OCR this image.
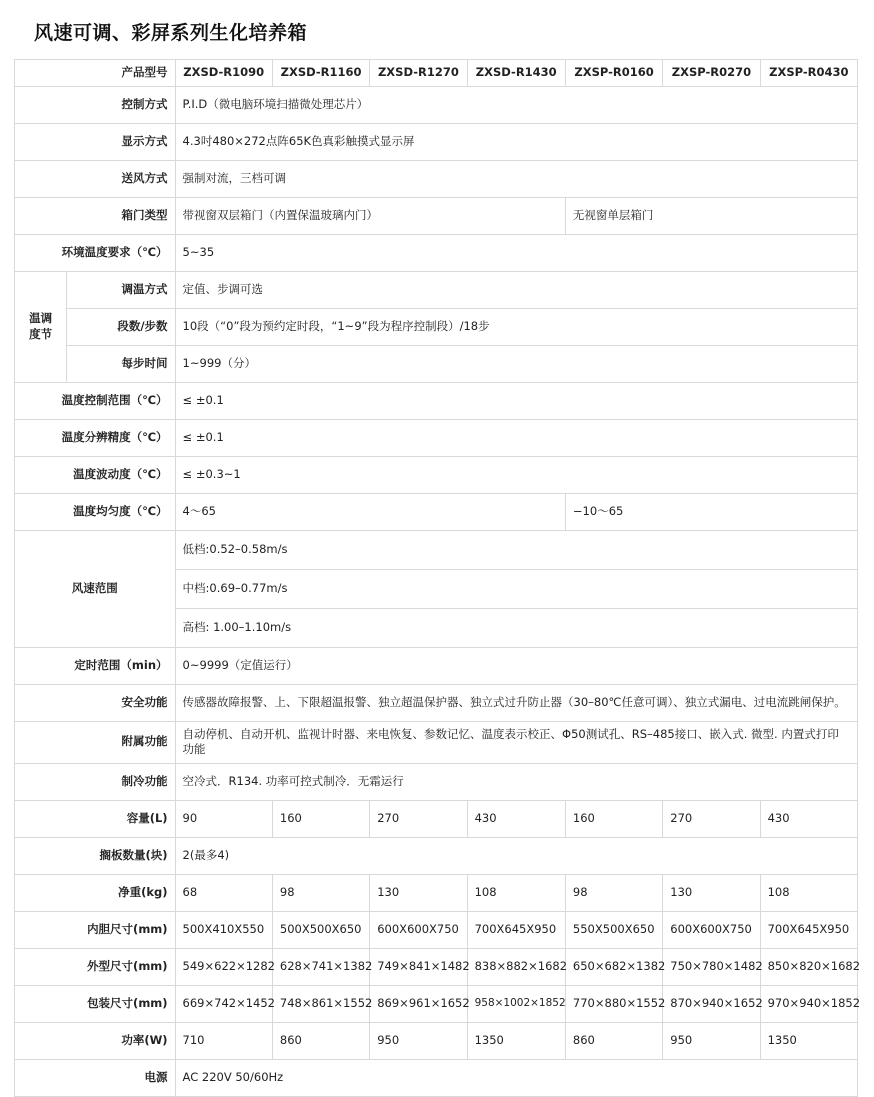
风速可调、彩屏系列生化培养箱
产品型号		ZXSD-R1090	ZXSD-R1160	ZXSD-R1270	ZXSD-R1430	ZXSP-R0160	ZXSP-R0270	ZXSP-R0430
控制方式		P.I.D（微电脑环境扫描微处理芯片）						
显示方式		4.3吋480×272点阵65K色真彩触摸式显示屏						
送风方式		强制对流，三档可调						
箱门类型		带视窗双层箱门（内置保温玻璃内门）				无视窗单层箱门		
环境温度要求（℃）		5~35						
温调
度节	调温方式	定值、步调可选						
	段数/步数	10段（“0”段为预约定时段，“1~9”段为程序控制段）/18步						
	每步时间	1~999（分）						
温度控制范围（℃）		≤ ±0.1						
温度分辨精度（℃）		≤ ±0.1						
温度波动度（℃）		≤ ±0.3~1						
温度均匀度（℃）		4～65				−10～65		
风速范围		低档:0.52–0.58m/s						
		中档:0.69–0.77m/s						
		高档: 1.00–1.10m/s						
定时范围（min）		0~9999（定值运行）						
安全功能		传感器故障报警、上、下限超温报警、独立超温保护器、独立式过升防止器（30–80℃任意可调）、独立式漏电、过电流跳闸保护。						
附属功能		自动停机、自动开机、监视计时器、来电恢复、参数记忆、温度表示校正、Φ50测试孔、RS–485接口、嵌入式. 微型. 内置式打印功能						
制冷功能		空冷式．R134. 功率可控式制冷．无霜运行						
容量(L)		90	160	270	430	160	270	430
搁板数量(块)		2(最多4)						
净重(kg)		68	98	130	108	98	130	108
内胆尺寸(mm)		500X410X550	500X500X650	600X600X750	700X645X950	550X500X650	600X600X750	700X645X950
外型尺寸(mm)		549×622×1282	628×741×1382	749×841×1482	838×882×1682	650×682×1382	750×780×1482	850×820×1682
包装尺寸(mm)		669×742×1452	748×861×1552	869×961×1652	958×1002×1852	770×880×1552	870×940×1652	970×940×1852
功率(W)		710	860	950	1350	860	950	1350
电源		AC 220V 50/60Hz						
